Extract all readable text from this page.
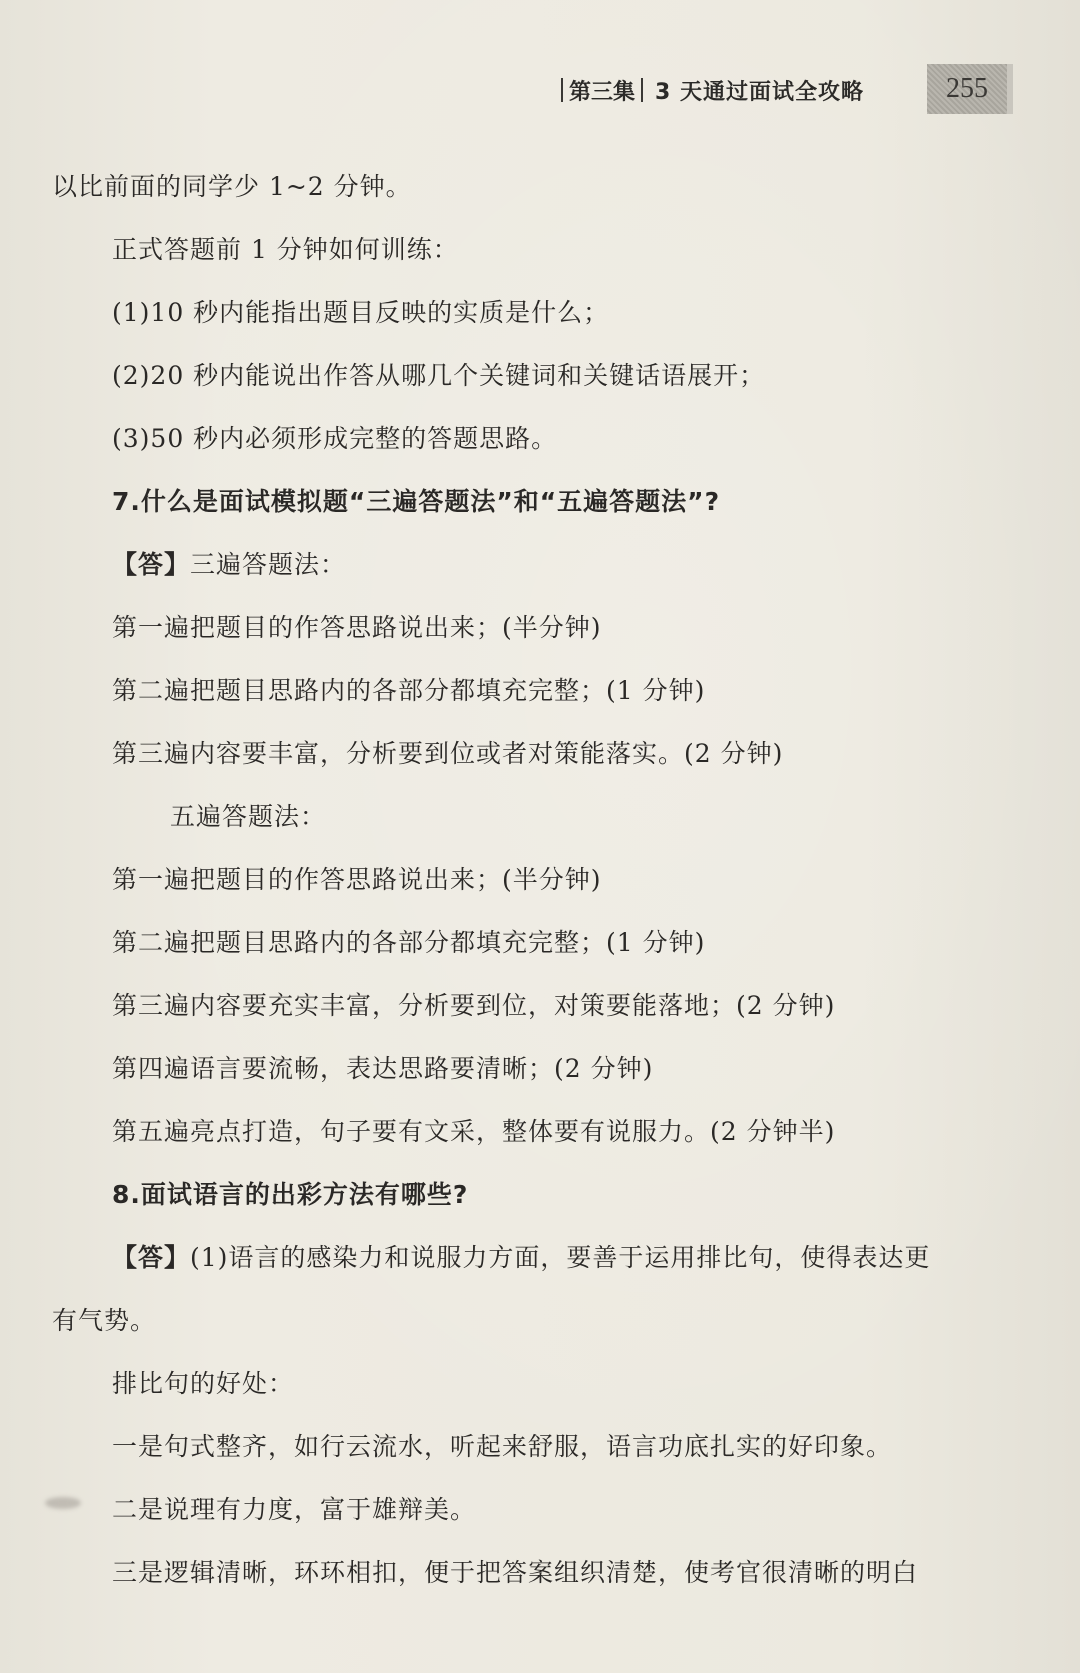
第三集 3 天通过面试全攻略	255
以比前面的同学少 1~2 分钟。
正式答题前 1 分钟如何训练：
(1)10 秒内能指出题目反映的实质是什么；
(2)20 秒内能说出作答从哪几个关键词和关键话语展开；
(3)50 秒内必须形成完整的答题思路。
7.什么是面试模拟题“三遍答题法”和“五遍答题法”?
【答】三遍答题法：
第一遍把题目的作答思路说出来；(半分钟)
第二遍把题目思路内的各部分都填充完整；(1 分钟)
第三遍内容要丰富，分析要到位或者对策能落实。(2 分钟)
五遍答题法：
第一遍把题目的作答思路说出来；(半分钟)
第二遍把题目思路内的各部分都填充完整；(1 分钟)
第三遍内容要充实丰富，分析要到位，对策要能落地；(2 分钟)
第四遍语言要流畅，表达思路要清晰；(2 分钟)
第五遍亮点打造，句子要有文采，整体要有说服力。(2 分钟半)
8.面试语言的出彩方法有哪些?
【答】(1)语言的感染力和说服力方面，要善于运用排比句，使得表达更
有气势。
排比句的好处：
一是句式整齐，如行云流水，听起来舒服，语言功底扎实的好印象。
二是说理有力度，富于雄辩美。
三是逻辑清晰，环环相扣，便于把答案组织清楚，使考官很清晰的明白
